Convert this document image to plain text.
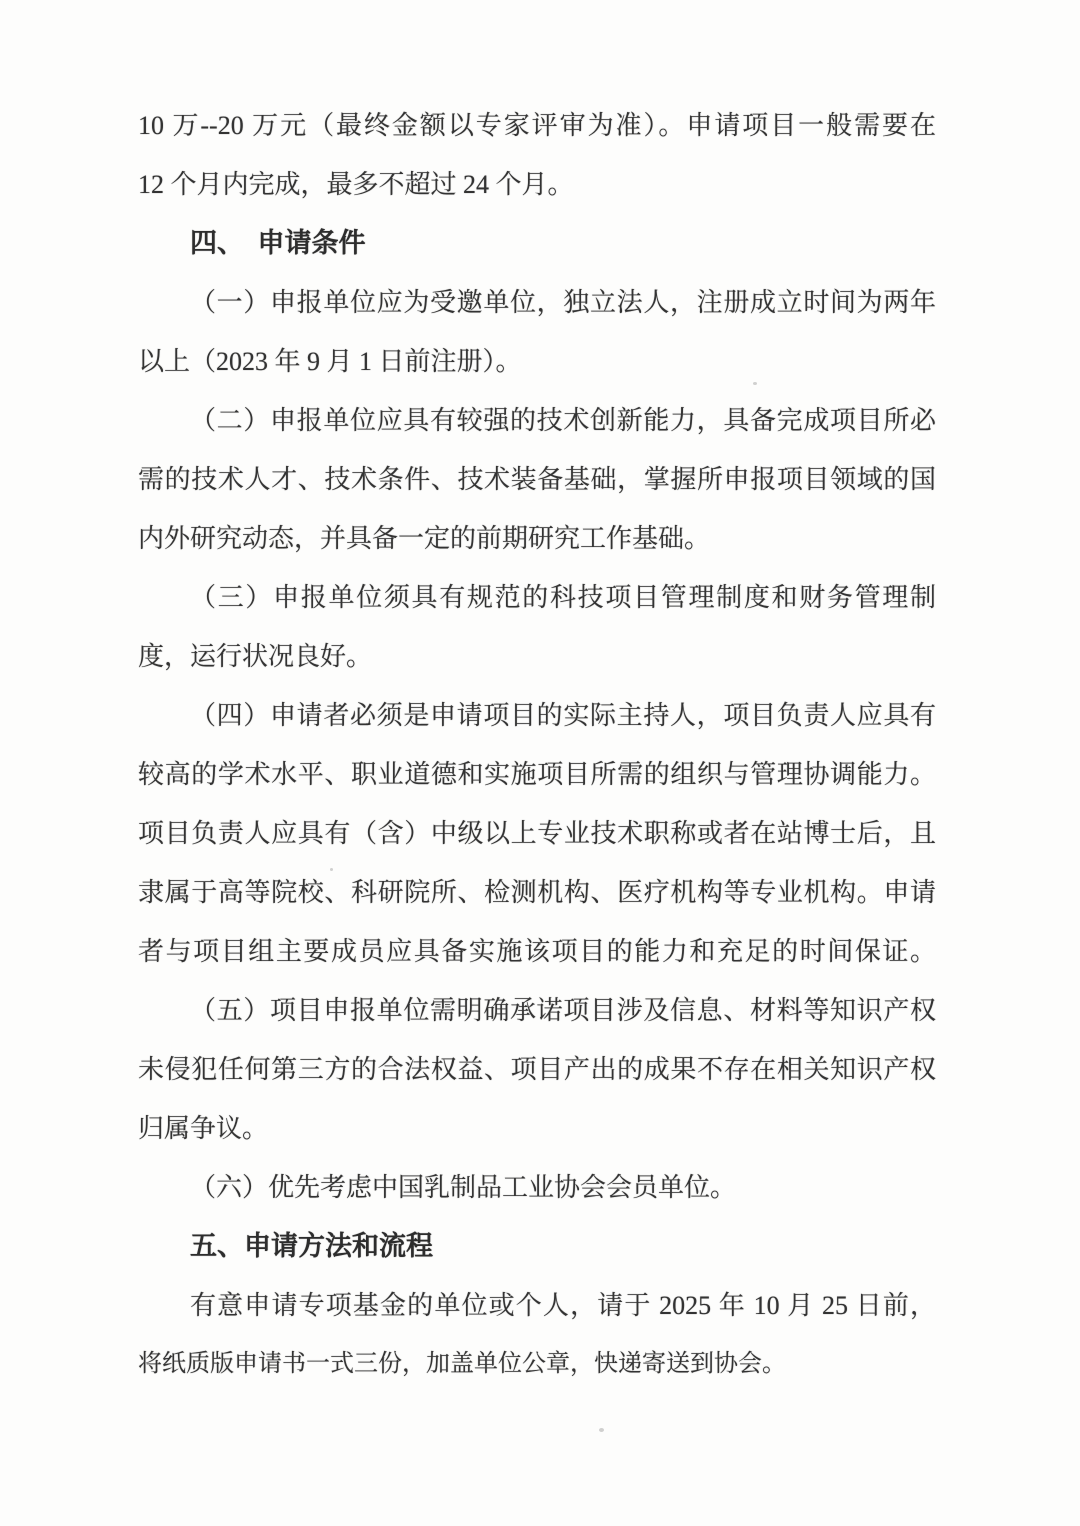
10 万--20 万元（最终金额以专家评审为准）。申请项目一般需要在
12 个月内完成，最多不超过 24 个月。
四、　申请条件
（一）申报单位应为受邀单位，独立法人，注册成立时间为两年
以上（2023 年 9 月 1 日前注册）。
（二）申报单位应具有较强的技术创新能力，具备完成项目所必
需的技术人才、技术条件、技术装备基础，掌握所申报项目领域的国
内外研究动态，并具备一定的前期研究工作基础。
（三）申报单位须具有规范的科技项目管理制度和财务管理制
度，运行状况良好。
（四）申请者必须是申请项目的实际主持人，项目负责人应具有
较高的学术水平、职业道德和实施项目所需的组织与管理协调能力。
项目负责人应具有（含）中级以上专业技术职称或者在站博士后，且
隶属于高等院校、科研院所、检测机构、医疗机构等专业机构。申请
者与项目组主要成员应具备实施该项目的能力和充足的时间保证。
（五）项目申报单位需明确承诺项目涉及信息、材料等知识产权
未侵犯任何第三方的合法权益、项目产出的成果不存在相关知识产权
归属争议。
（六）优先考虑中国乳制品工业协会会员单位。
五、申请方法和流程
有意申请专项基金的单位或个人，请于 2025 年 10 月 25 日前，
将纸质版申请书一式三份，加盖单位公章，快递寄送到协会。
